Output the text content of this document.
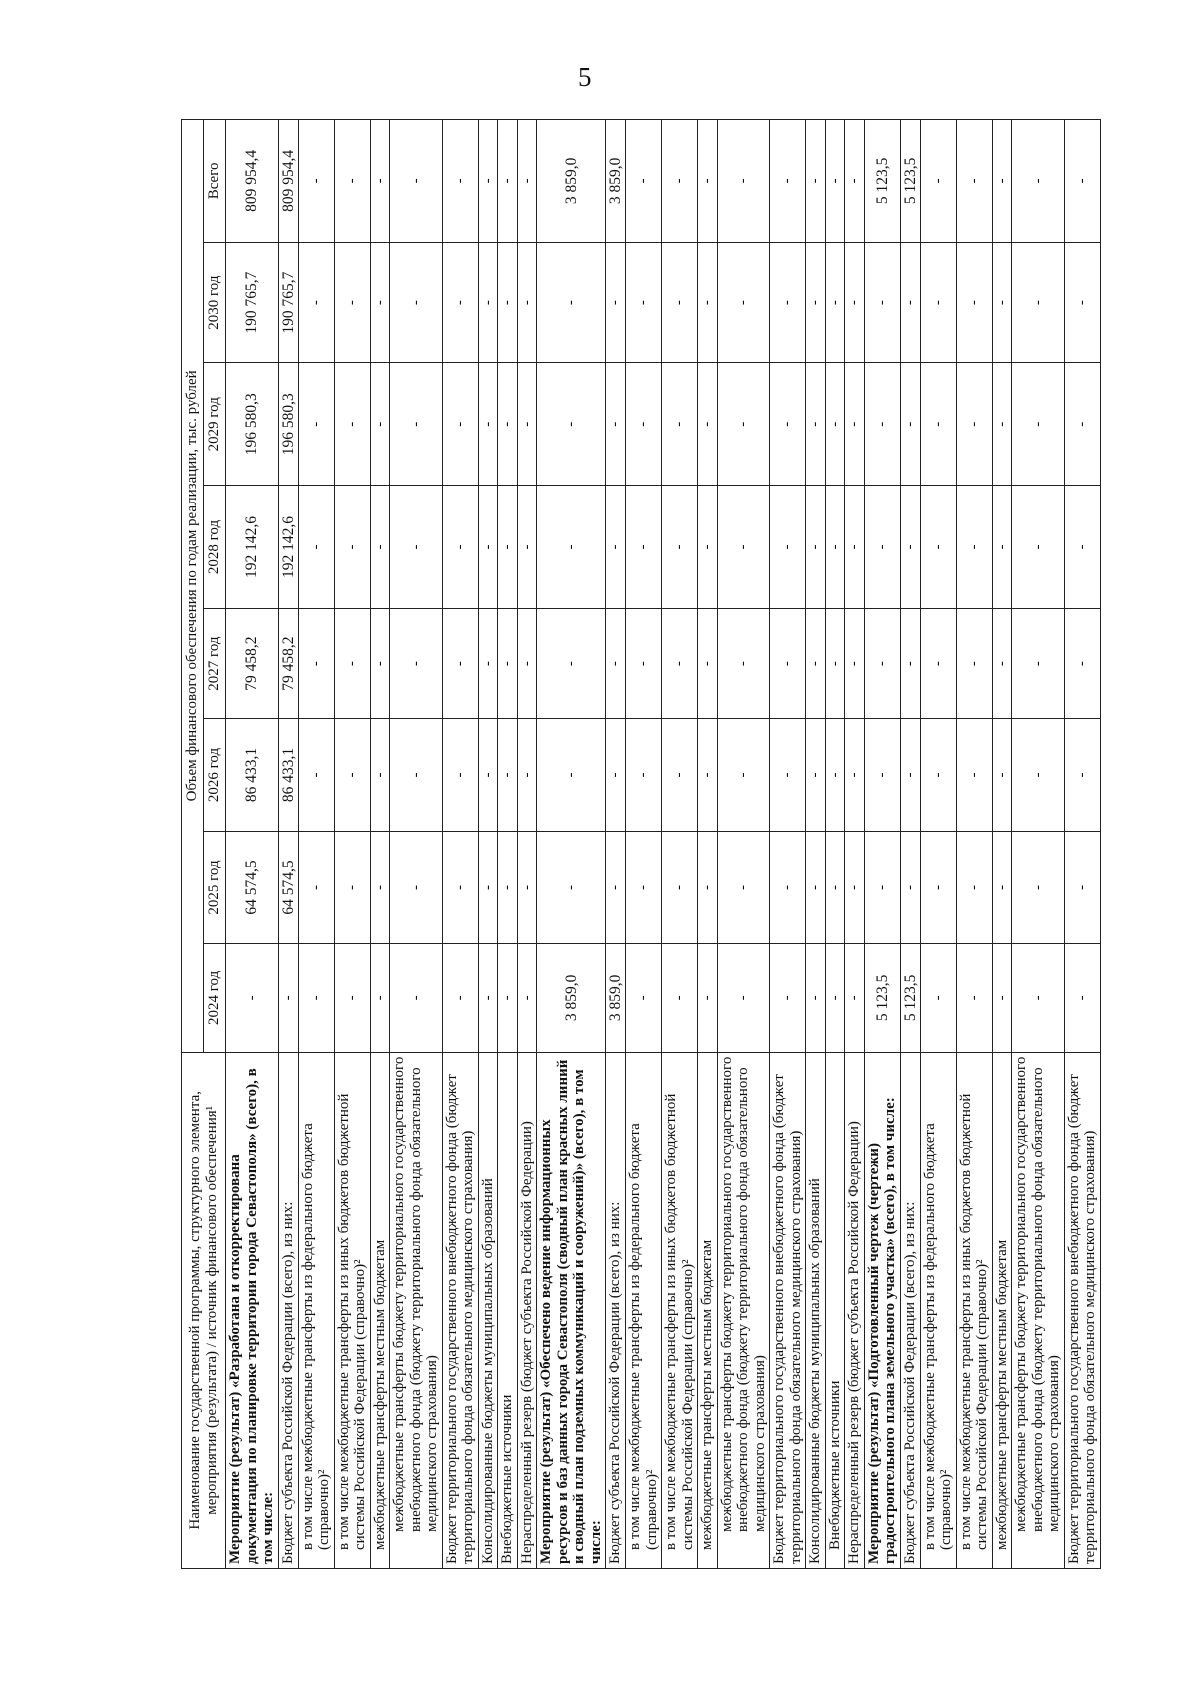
5
Наименование государственной программы, структурного элемента, мероприятия (результата) / источник финансового обеспечения¹	Объем финансового обеспечения по годам реализации, тыс. рублей							
	2024 год	2025 год	2026 год	2027 год	2028 год	2029 год	2030 год	Всего
Мероприятие (результат) «Разработана и откорректирована документация по планировке территории города Севастополя» (всего), в том числе:	-	64 574,5	86 433,1	79 458,2	192 142,6	196 580,3	190 765,7	809 954,4
Бюджет субъекта Российской Федерации (всего), из них:	-	64 574,5	86 433,1	79 458,2	192 142,6	196 580,3	190 765,7	809 954,4
в том числе межбюджетные трансферты из федерального бюджета (справочно)²	-	-	-	-	-	-	-	-
в том числе межбюджетные трансферты из иных бюджетов бюджетной системы Российской Федерации (справочно)²	-	-	-	-	-	-	-	-
межбюджетные трансферты местным бюджетам	-	-	-	-	-	-	-	-
межбюджетные трансферты бюджету территориального государственного внебюджетного фонда (бюджету территориального фонда обязательного медицинского страхования)	-	-	-	-	-	-	-	-
Бюджет территориального государственного внебюджетного фонда (бюджет территориального фонда обязательного медицинского страхования)	-	-	-	-	-	-	-	-
Консолидированные бюджеты муниципальных образований	-	-	-	-	-	-	-	-
Внебюджетные источники	-	-	-	-	-	-	-	-
Нераспределенный резерв (бюджет субъекта Российской Федерации)	-	-	-	-	-	-	-	-
Мероприятие (результат) «Обеспечено ведение информационных ресурсов и баз данных города Севастополя (сводный план красных линий и сводный план подземных коммуникаций и сооружений)» (всего), в том числе:	3 859,0	-	-	-	-	-	-	3 859,0
Бюджет субъекта Российской Федерации (всего), из них:	3 859,0	-	-	-	-	-	-	3 859,0
в том числе межбюджетные трансферты из федерального бюджета (справочно)²	-	-	-	-	-	-	-	-
в том числе межбюджетные трансферты из иных бюджетов бюджетной системы Российской Федерации (справочно)²	-	-	-	-	-	-	-	-
межбюджетные трансферты местным бюджетам	-	-	-	-	-	-	-	-
межбюджетные трансферты бюджету территориального государственного внебюджетного фонда (бюджету территориального фонда обязательного медицинского страхования)	-	-	-	-	-	-	-	-
Бюджет территориального государственного внебюджетного фонда (бюджет территориального фонда обязательного медицинского страхования)	-	-	-	-	-	-	-	-
Консолидированные бюджеты муниципальных образований	-	-	-	-	-	-	-	-
Внебюджетные источники	-	-	-	-	-	-	-	-
Нераспределенный резерв (бюджет субъекта Российской Федерации)	-	-	-	-	-	-	-	-
Мероприятие (результат) «Подготовленный чертеж (чертежи) градостроительного плана земельного участка» (всего), в том числе:	5 123,5	-	-	-	-	-	-	5 123,5
Бюджет субъекта Российской Федерации (всего), из них:	5 123,5	-	-	-	-	-	-	5 123,5
в том числе межбюджетные трансферты из федерального бюджета (справочно)²	-	-	-	-	-	-	-	-
в том числе межбюджетные трансферты из иных бюджетов бюджетной системы Российской Федерации (справочно)²	-	-	-	-	-	-	-	-
межбюджетные трансферты местным бюджетам	-	-	-	-	-	-	-	-
межбюджетные трансферты бюджету территориального государственного внебюджетного фонда (бюджету территориального фонда обязательного медицинского страхования)	-	-	-	-	-	-	-	-
Бюджет территориального государственного внебюджетного фонда (бюджет территориального фонда обязательного медицинского страхования)	-	-	-	-	-	-	-	-
